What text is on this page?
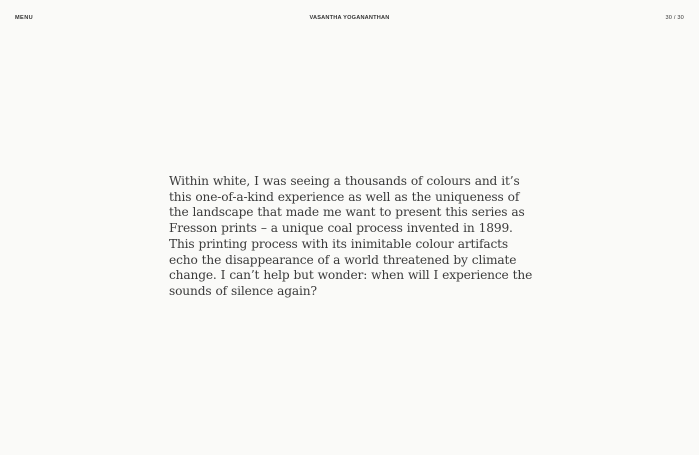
MENU	VASANTHA YOGANANTHAN	30 / 30

Within white, I was seeing a thousands of colours and it’s this one-of-a-kind experience as well as the uniqueness of the landscape that made me want to present this series as Fresson prints – a unique coal process invented in 1899. This printing process with its inimitable colour artifacts echo the disappearance of a world threatened by climate change. I can’t help but wonder: when will I experience the sounds of silence again?
